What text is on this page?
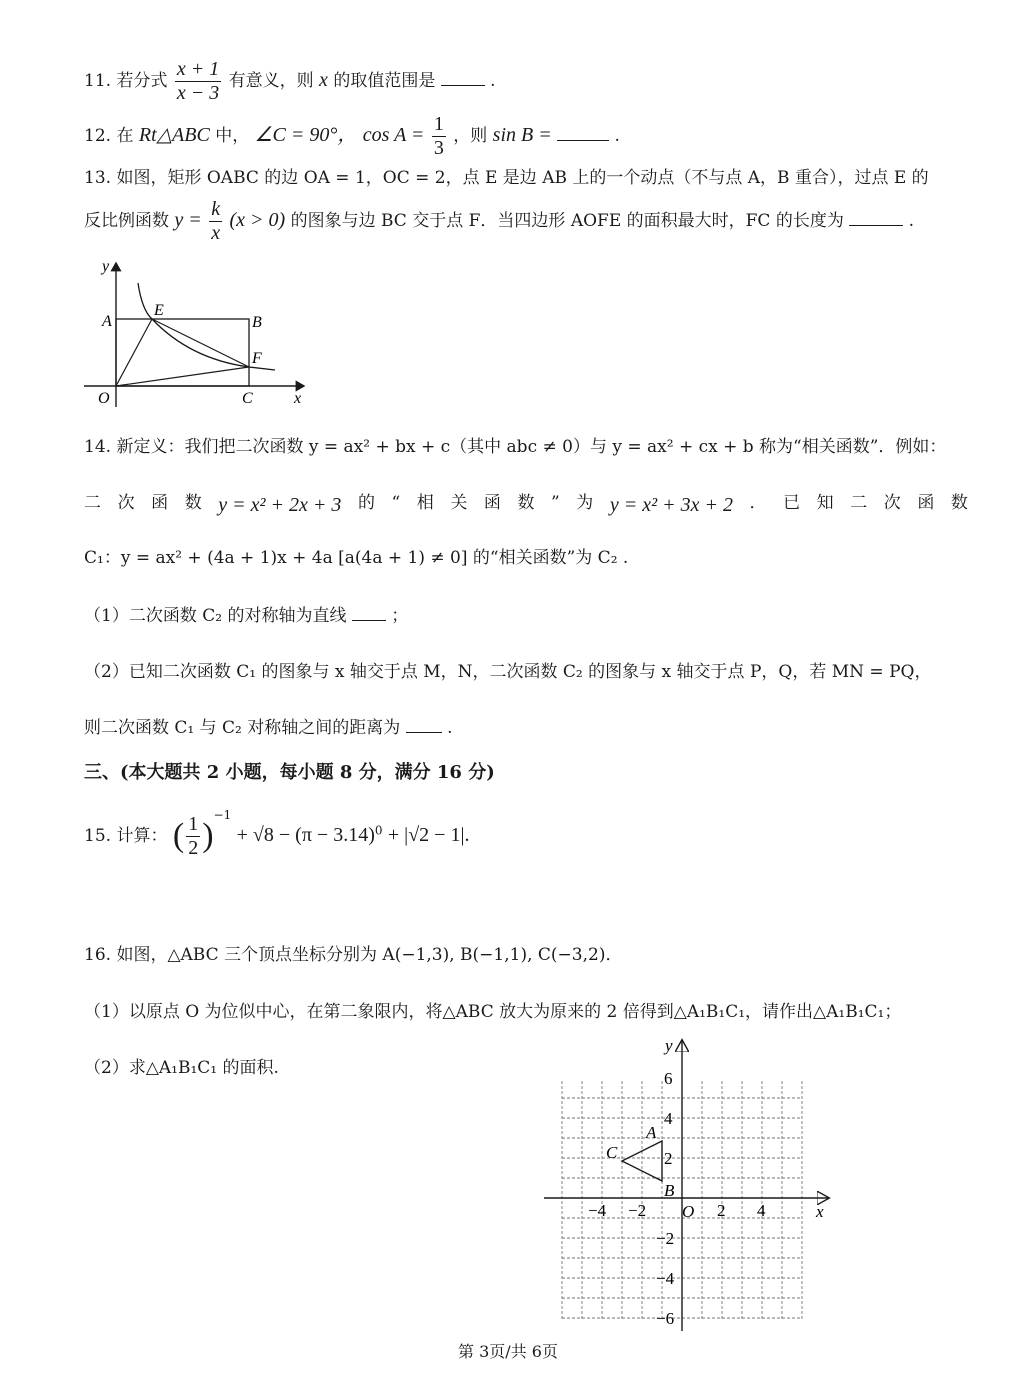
11. 若分式 $\frac{x + 1}{x - 3}$ 有意义，则 x 的取值范围是	.
12. 在 Rt△ABC 中， ∠C = 90°， $\cos A = \frac{1}{3}$ ，则 sin B =	.
13. 如图，矩形 OABC 的边 OA = 1，OC = 2，点 E 是边 AB 上的一个动点（不与点 A，B 重合），过点 E 的
反比例函数 $y = \frac{k}{x} (x > 0)$ 的图象与边 BC 交于点 F．当四边形 AOFE 的面积最大时，FC 的长度为	.
y
x
O
A
E
B
F
C
14. 新定义：我们把二次函数 y = ax² + bx + c（其中 abc ≠ 0）与 y = ax² + cx + b 称为“相关函数”．例如：
二 次 函 数 y = x² + 2x + 3 的 “ 相 关 函 数 ” 为 y = x² + 3x + 2 ． 已 知 二 次 函 数
C₁：y = ax² + (4a + 1)x + 4a [a(4a + 1) ≠ 0] 的“相关函数”为 C₂ .
（1）二次函数 C₂ 的对称轴为直线	；
（2）已知二次函数 C₁ 的图象与 x 轴交于点 M，N，二次函数 C₂ 的图象与 x 轴交于点 P，Q，若 MN = PQ，
则二次函数 C₁ 与 C₂ 对称轴之间的距离为	.
三、(本大题共 2 小题，每小题 8 分，满分 16 分)
15. 计算： ( $\frac{1}{2} )^{-1} + √8 - (\pi - 3.14)^0 + |√2 - 1|$.
16. 如图，△ABC 三个顶点坐标分别为 A(−1,3), B(−1,1), C(−3,2)．
（1）以原点 O 为位似中心，在第二象限内，将△ABC 放大为原来的 2 倍得到△A₁B₁C₁，请作出△A₁B₁C₁；
（2）求△A₁B₁C₁ 的面积.
y
x
O
A
B
C
6
4
2
−2
−4
−6
−4 −2	2 4
第 3页/共 6页
